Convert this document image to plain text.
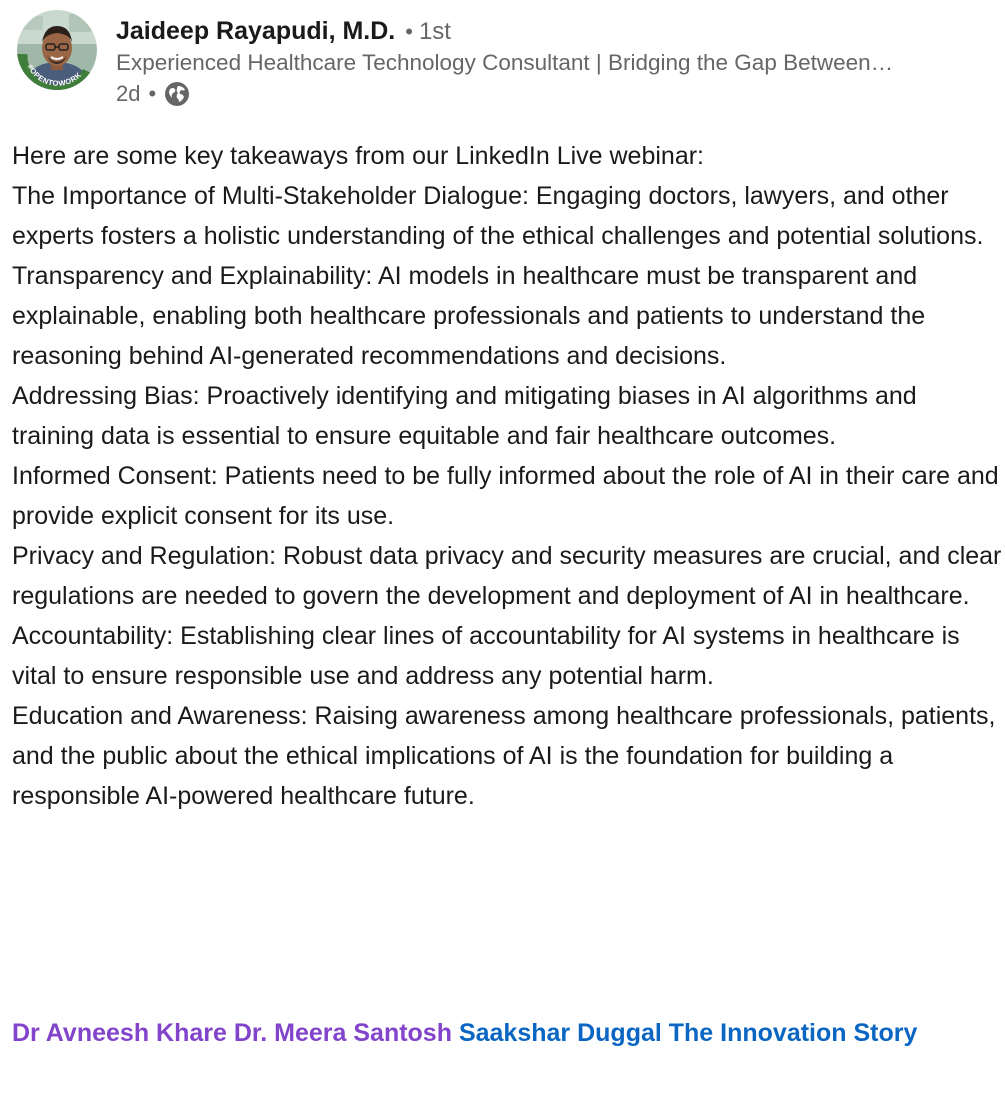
#OPENTOWORK
Jaideep Rayapudi, M.D. • 1st
Experienced Healthcare Technology Consultant | Bridging the Gap Between…
2d •

Here are some key takeaways from our LinkedIn Live webinar:

The Importance of Multi-Stakeholder Dialogue: Engaging doctors, lawyers, and other experts fosters a holistic understanding of the ethical challenges and potential solutions.

Transparency and Explainability: AI models in healthcare must be transparent and explainable, enabling both healthcare professionals and patients to understand the reasoning behind AI-generated recommendations and decisions.

Addressing Bias: Proactively identifying and mitigating biases in AI algorithms and training data is essential to ensure equitable and fair healthcare outcomes.

Informed Consent: Patients need to be fully informed about the role of AI in their care and provide explicit consent for its use.

Privacy and Regulation: Robust data privacy and security measures are crucial, and clear regulations are needed to govern the development and deployment of AI in healthcare.

Accountability: Establishing clear lines of accountability for AI systems in healthcare is vital to ensure responsible use and address any potential harm.

Education and Awareness: Raising awareness among healthcare professionals, patients, and the public about the ethical implications of AI is the foundation for building a responsible AI-powered healthcare future.

Dr Avneesh Khare Dr. Meera Santosh Saakshar Duggal The Innovation Story
